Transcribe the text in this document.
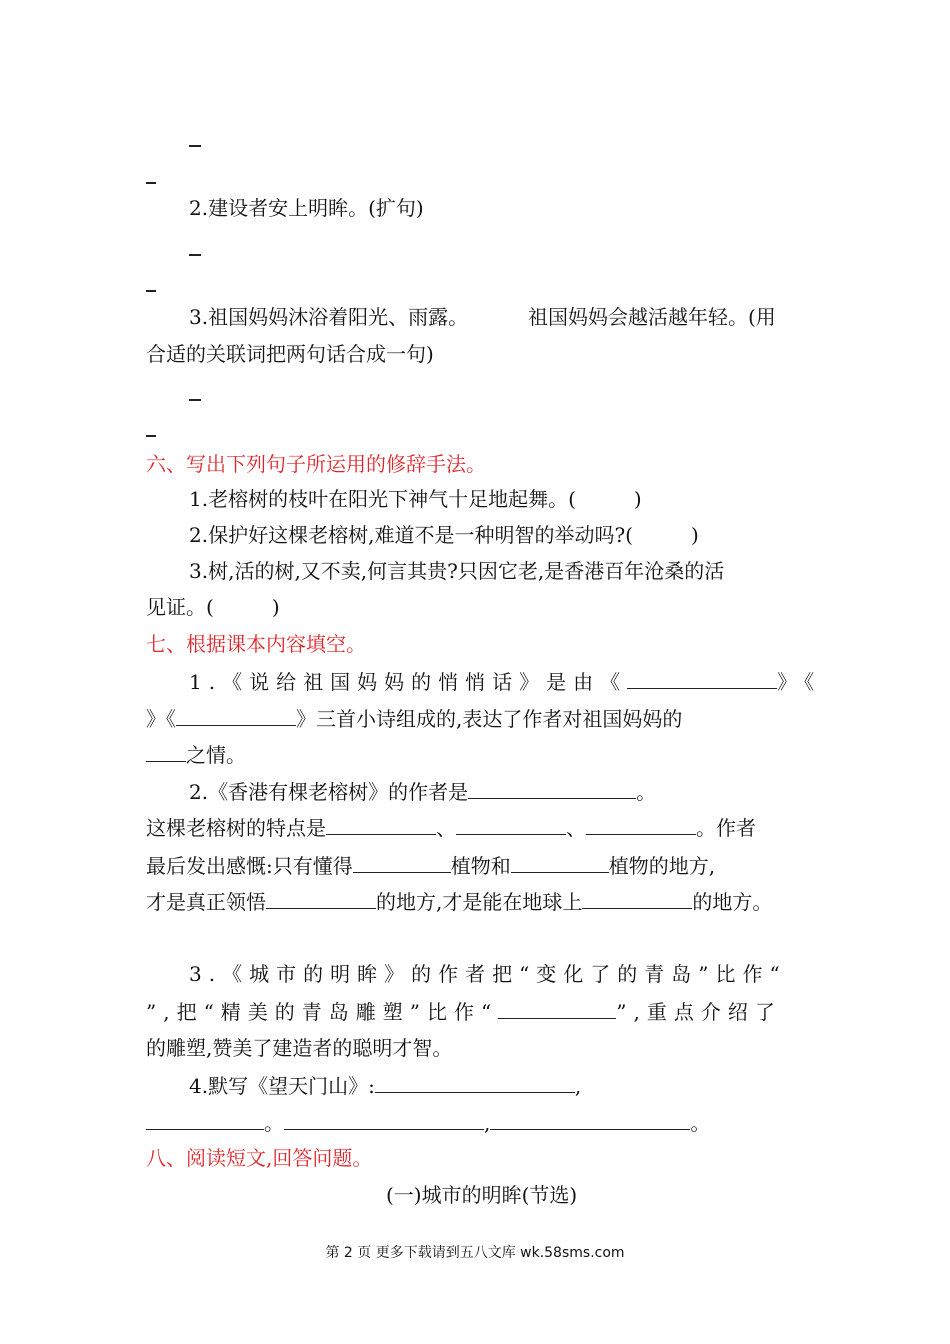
2.建设者安上明眸。(扩句)
3.祖国妈妈沐浴着阳光、雨露。	祖国妈妈会越活越年轻。(用
合适的关联词把两句话合成一句)
六、写出下列句子所运用的修辞手法。
1.老榕树的枝叶在阳光下神气十足地起舞。(	)
2.保护好这棵老榕树,难道不是一种明智的举动吗?(	)
3.树,活的树,又不卖,何言其贵?只因它老,是香港百年沧桑的活
见证。(	)
七、根据课本内容填空。
1.《说给祖国妈妈的悄悄话》是由《	》《
》《	》三首小诗组成的,表达了作者对祖国妈妈的
之情。
2.《香港有棵老榕树》的作者是	。
这棵老榕树的特点是	、	、	。作者
最后发出感慨:只有懂得	植物和	植物的地方,
才是真正领悟	的地方,才是能在地球上	的地方。
3.《城市的明眸》的作者把“变化了的青岛”比作“
”,把“精美的青岛雕塑”比作“	”,重点介绍了
的雕塑,赞美了建造者的聪明才智。
4.默写《望天门山》:	,
。	,	。
八、阅读短文,回答问题。
(一)城市的明眸(节选)
第 2 页 更多下载请到五八文库 wk.58sms.com
